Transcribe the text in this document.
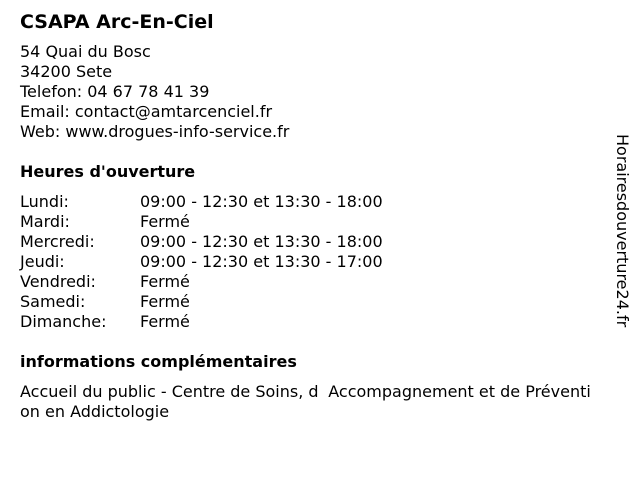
CSAPA Arc-En-Ciel
54 Quai du Bosc
34200 Sete
Telefon: 04 67 78 41 39
Email: contact@amtarcenciel.fr
Web: www.drogues-info-service.fr
Heures d'ouverture
Lundi:	09:00 - 12:30 et 13:30 - 18:00
Mardi:	Fermé
Mercredi:	09:00 - 12:30 et 13:30 - 18:00
Jeudi:	09:00 - 12:30 et 13:30 - 17:00
Vendredi:	Fermé
Samedi:	Fermé
Dimanche:	Fermé
informations complémentaires
Accueil du public - Centre de Soins, dAccompagnement et de Prévention en Addictologie
Horairesdouverture24.fr
